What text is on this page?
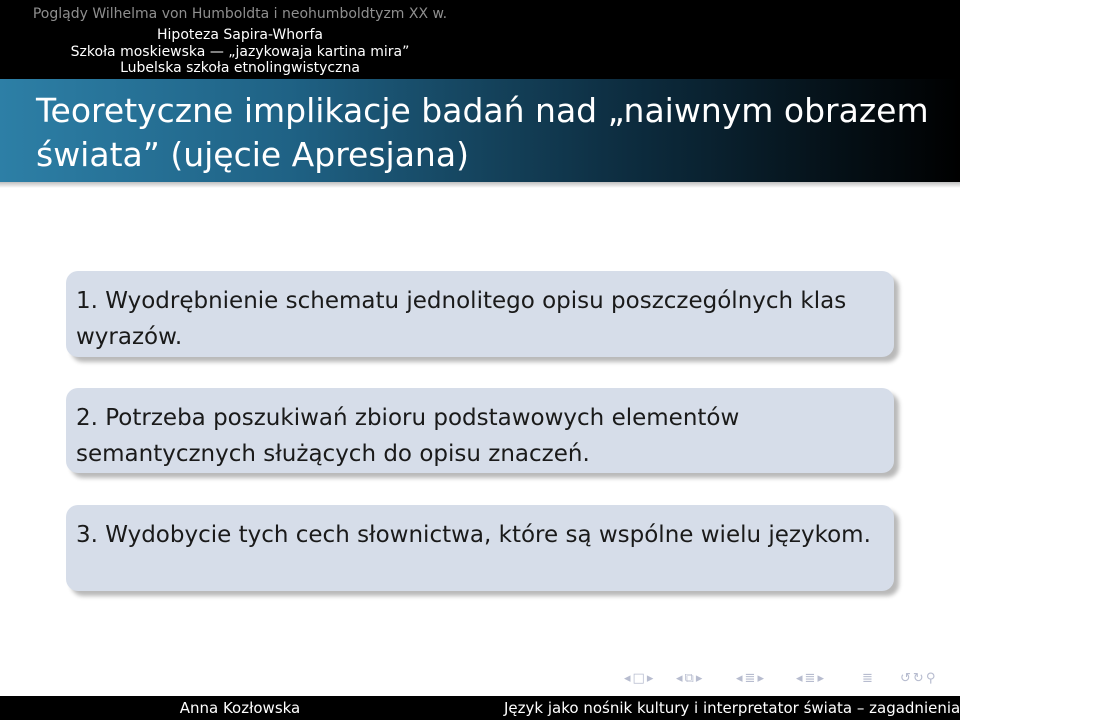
Poglądy Wilhelma von Humboldta i neohumboldtyzm XX w.
Hipoteza Sapira-Whorfa
Szkoła moskiewska — „jazykowaja kartina mira”
Lubelska szkoła etnolingwistyczna
Teoretyczne implikacje badań nad „naiwnym obrazem świata” (ujęcie Apresjana)
1. Wyodrębnienie schematu jednolitego opisu poszczególnych klas wyrazów.
2. Potrzeba poszukiwań zbioru podstawowych elementów semantycznych służących do opisu znaczeń.
3. Wydobycie tych cech słownictwa, które są wspólne wielu językom.
◂ □ ▸ ◂ ⧉ ▸	◂ ≣ ▸ ◂ ≣ ▸	≣ ↺ ↻ ⚲
Anna Kozłowska	Język jako nośnik kultury i interpretator świata – zagadnienia etnolingwistyczne
